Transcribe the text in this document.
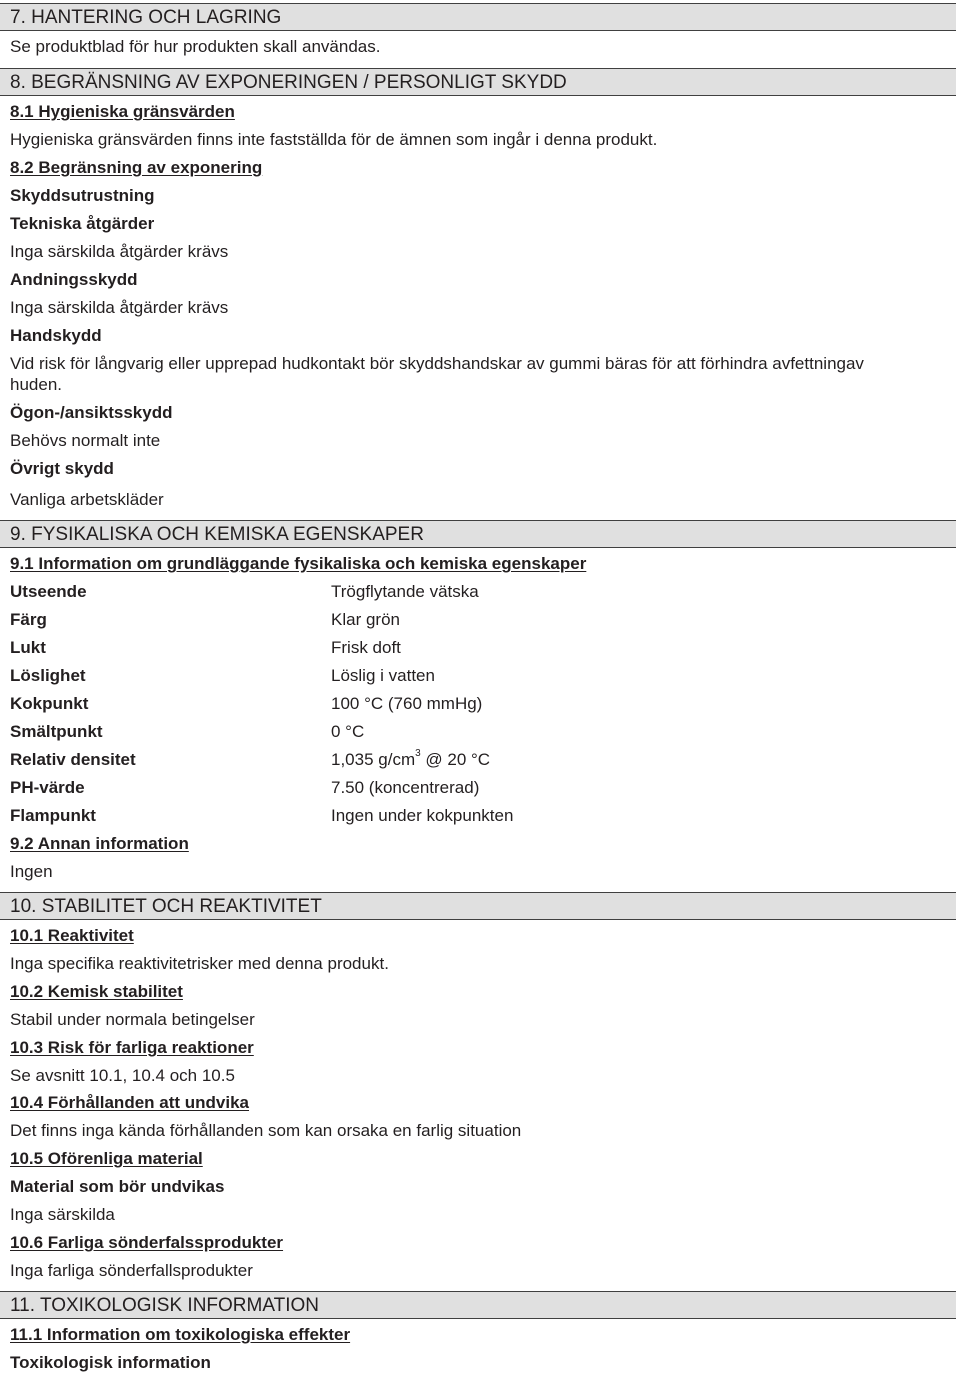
7. HANTERING OCH LAGRING
Se produktblad för hur produkten skall användas.
8. BEGRÄNSNING AV EXPONERINGEN / PERSONLIGT SKYDD
8.1 Hygieniska gränsvärden
Hygieniska gränsvärden finns inte fastställda för de ämnen som ingår i denna produkt.
8.2 Begränsning av exponering
Skyddsutrustning
Tekniska åtgärder
Inga särskilda åtgärder krävs
Andningsskydd
Inga särskilda åtgärder krävs
Handskydd
Vid risk för långvarig eller upprepad hudkontakt bör skyddshandskar av gummi bäras för att förhindra avfettningav
huden.
Ögon-/ansiktsskydd
Behövs normalt inte
Övrigt skydd
Vanliga arbetskläder
9. FYSIKALISKA OCH KEMISKA EGENSKAPER
9.1 Information om grundläggande fysikaliska och kemiska egenskaper
Utseende	Trögflytande vätska
Färg	Klar grön
Lukt	Frisk doft
Löslighet	Löslig i vatten
Kokpunkt	100 °C (760 mmHg)
Smältpunkt	0 °C
Relativ densitet	1,035 $g/cm^3$ @ 20 °C
PH-värde	7.50 (koncentrerad)
Flampunkt	Ingen under kokpunkten
9.2 Annan information
Ingen
10. STABILITET OCH REAKTIVITET
10.1 Reaktivitet
Inga specifika reaktivitetrisker med denna produkt.
10.2 Kemisk stabilitet
Stabil under normala betingelser
10.3 Risk för farliga reaktioner
Se avsnitt 10.1, 10.4 och 10.5
10.4 Förhållanden att undvika
Det finns inga kända förhållanden som kan orsaka en farlig situation
10.5 Oförenliga material
Material som bör undvikas
Inga särskilda
10.6 Farliga sönderfalssprodukter
Inga farliga sönderfallsprodukter
11. TOXIKOLOGISK INFORMATION
11.1 Information om toxikologiska effekter
Toxikologisk information
